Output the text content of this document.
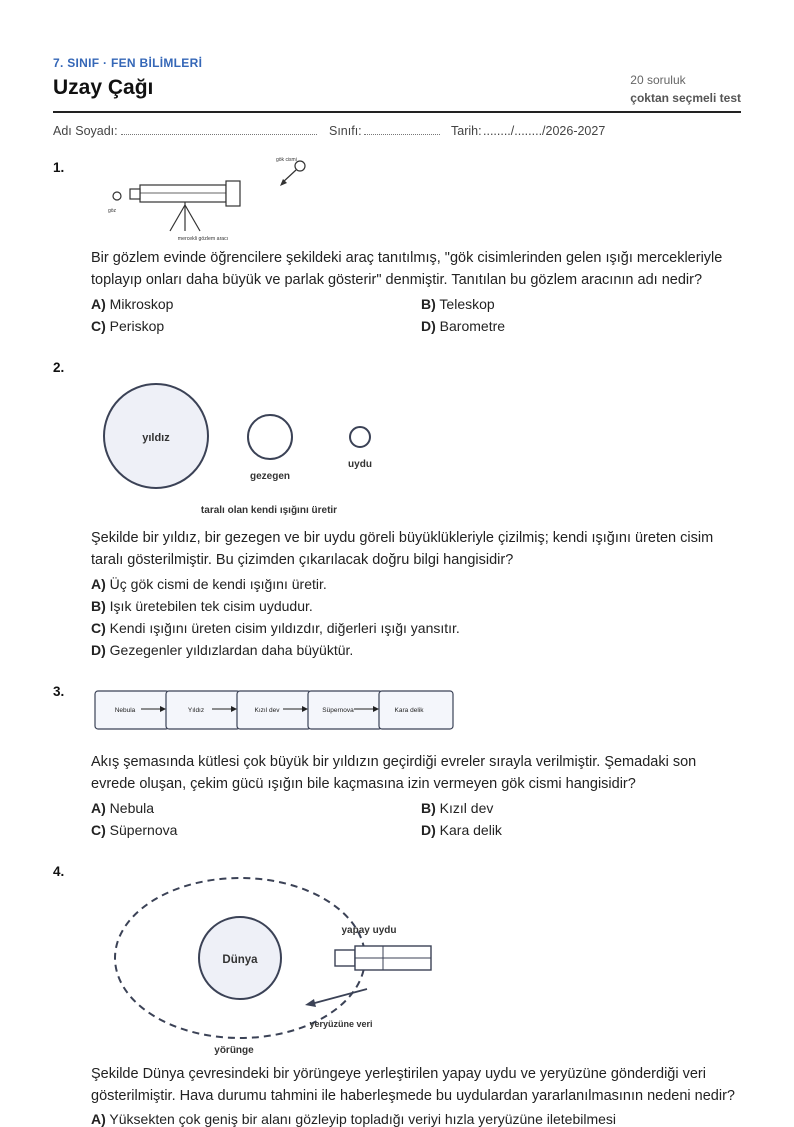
7. SINIF · FEN BİLİMLERİ
Uzay Çağı	20 soruluk
çoktan seçmeli test
Adı Soyadı:	Sınıfı:	Tarih: ......../......../2026-2027
1.	gök cismi
göz
mercekli gözlem aracı
Bir gözlem evinde öğrencilere şekildeki araç tanıtılmış, "gök cisimlerinden gelen ışığı mercekleriyle toplayıp onları daha büyük ve parlak gösterir" denmiştir. Tanıtılan bu gözlem aracının adı nedir?
A) Mikroskop	B) Teleskop
C) Periskop	D) Barometre
2.
yıldız
gezegen
uydu
taralı olan kendi ışığını üretir
Şekilde bir yıldız, bir gezegen ve bir uydu göreli büyüklükleriyle çizilmiş; kendi ışığını üreten cisim taralı gösterilmiştir. Bu çizimden çıkarılacak doğru bilgi hangisidir?
A) Üç gök cismi de kendi ışığını üretir.
B) Işık üretebilen tek cisim uydudur.
C) Kendi ışığını üreten cisim yıldızdır, diğerleri ışığı yansıtır.
D) Gezegenler yıldızlardan daha büyüktür.
3.
Nebula	Yıldız	Kızıl dev	Süpernova	Kara delik
Akış şemasında kütlesi çok büyük bir yıldızın geçirdiği evreler sırayla verilmiştir. Şemadaki son evrede oluşan, çekim gücü ışığın bile kaçmasına izin vermeyen gök cismi hangisidir?
A) Nebula	B) Kızıl dev
C) Süpernova	D) Kara delik
4.
Dünya
yapay uydu
yeryüzüne veri
yörünge
Şekilde Dünya çevresindeki bir yörüngeye yerleştirilen yapay uydu ve yeryüzüne gönderdiği veri gösterilmiştir. Hava durumu tahmini ile haberleşmede bu uydulardan yararlanılmasının nedeni nedir?
A) Yüksekten çok geniş bir alanı gözleyip topladığı veriyi hızla yeryüzüne iletebilmesi
